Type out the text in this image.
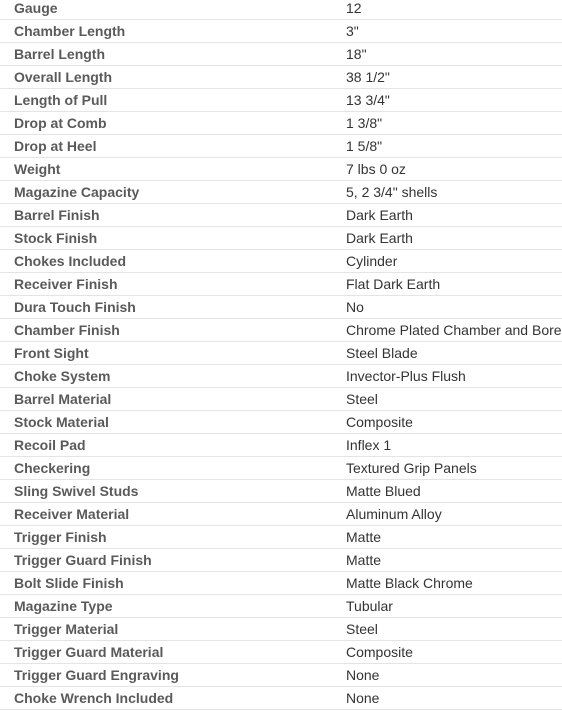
Gauge	12
Chamber Length	3"
Barrel Length	18"
Overall Length	38 1/2"
Length of Pull	13 3/4"
Drop at Comb	1 3/8"
Drop at Heel	1 5/8"
Weight	7 lbs 0 oz
Magazine Capacity	5, 2 3/4" shells
Barrel Finish	Dark Earth
Stock Finish	Dark Earth
Chokes Included	Cylinder
Receiver Finish	Flat Dark Earth
Dura Touch Finish	No
Chamber Finish	Chrome Plated Chamber and Bore
Front Sight	Steel Blade
Choke System	Invector-Plus Flush
Barrel Material	Steel
Stock Material	Composite
Recoil Pad	Inflex 1
Checkering	Textured Grip Panels
Sling Swivel Studs	Matte Blued
Receiver Material	Aluminum Alloy
Trigger Finish	Matte
Trigger Guard Finish	Matte
Bolt Slide Finish	Matte Black Chrome
Magazine Type	Tubular
Trigger Material	Steel
Trigger Guard Material	Composite
Trigger Guard Engraving	None
Choke Wrench Included	None
